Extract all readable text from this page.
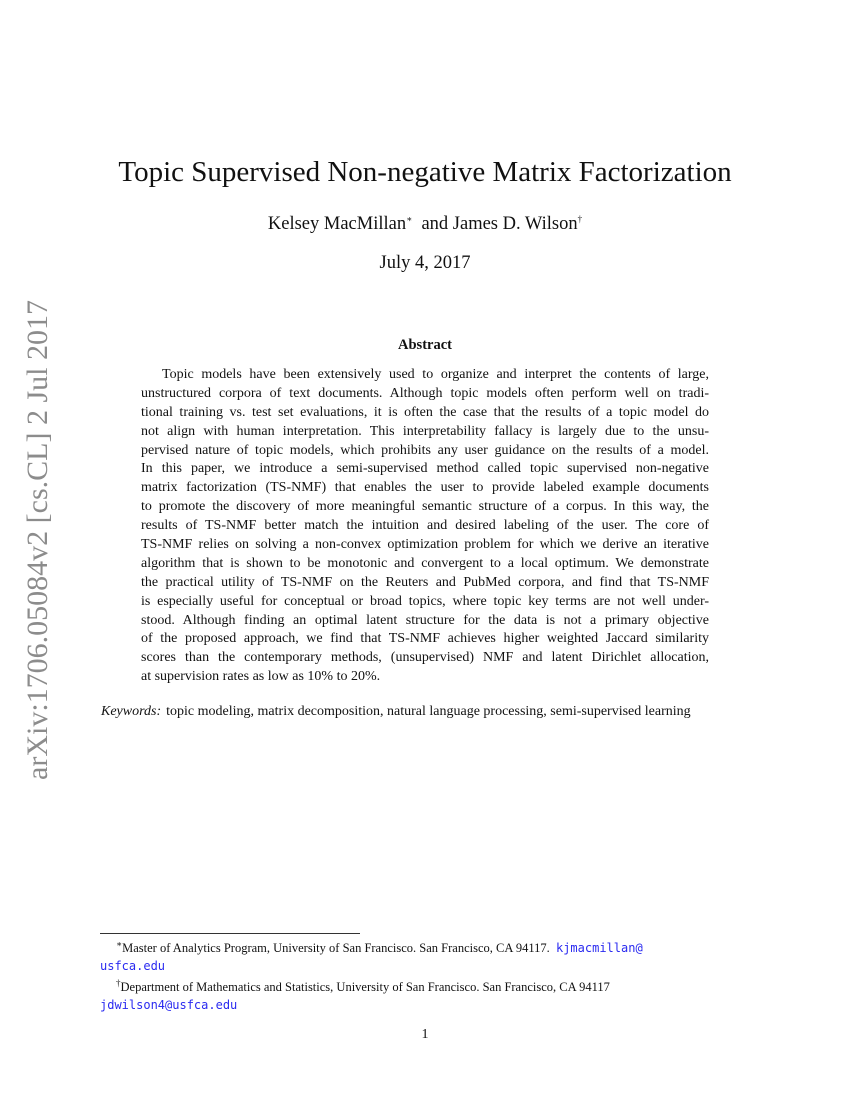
arXiv:1706.05084v2 [cs.CL] 2 Jul 2017
Topic Supervised Non-negative Matrix Factorization
Kelsey MacMillan∗ and James D. Wilson†
July 4, 2017
Abstract
Topic models have been extensively used to organize and interpret the contents of large,
unstructured corpora of text documents. Although topic models often perform well on tradi-
tional training vs. test set evaluations, it is often the case that the results of a topic model do
not align with human interpretation. This interpretability fallacy is largely due to the unsu-
pervised nature of topic models, which prohibits any user guidance on the results of a model.
In this paper, we introduce a semi-supervised method called topic supervised non-negative
matrix factorization (TS-NMF) that enables the user to provide labeled example documents
to promote the discovery of more meaningful semantic structure of a corpus. In this way, the
results of TS-NMF better match the intuition and desired labeling of the user. The core of
TS-NMF relies on solving a non-convex optimization problem for which we derive an iterative
algorithm that is shown to be monotonic and convergent to a local optimum. We demonstrate
the practical utility of TS-NMF on the Reuters and PubMed corpora, and find that TS-NMF
is especially useful for conceptual or broad topics, where topic key terms are not well under-
stood. Although finding an optimal latent structure for the data is not a primary objective
of the proposed approach, we find that TS-NMF achieves higher weighted Jaccard similarity
scores than the contemporary methods, (unsupervised) NMF and latent Dirichlet allocation,
at supervision rates as low as 10% to 20%.
Keywords: topic modeling, matrix decomposition, natural language processing, semi-supervised learning
∗Master of Analytics Program, University of San Francisco. San Francisco, CA 94117. kjmacmillan@
usfca.edu
†Department of Mathematics and Statistics, University of San Francisco. San Francisco, CA 94117
jdwilson4@usfca.edu
1
